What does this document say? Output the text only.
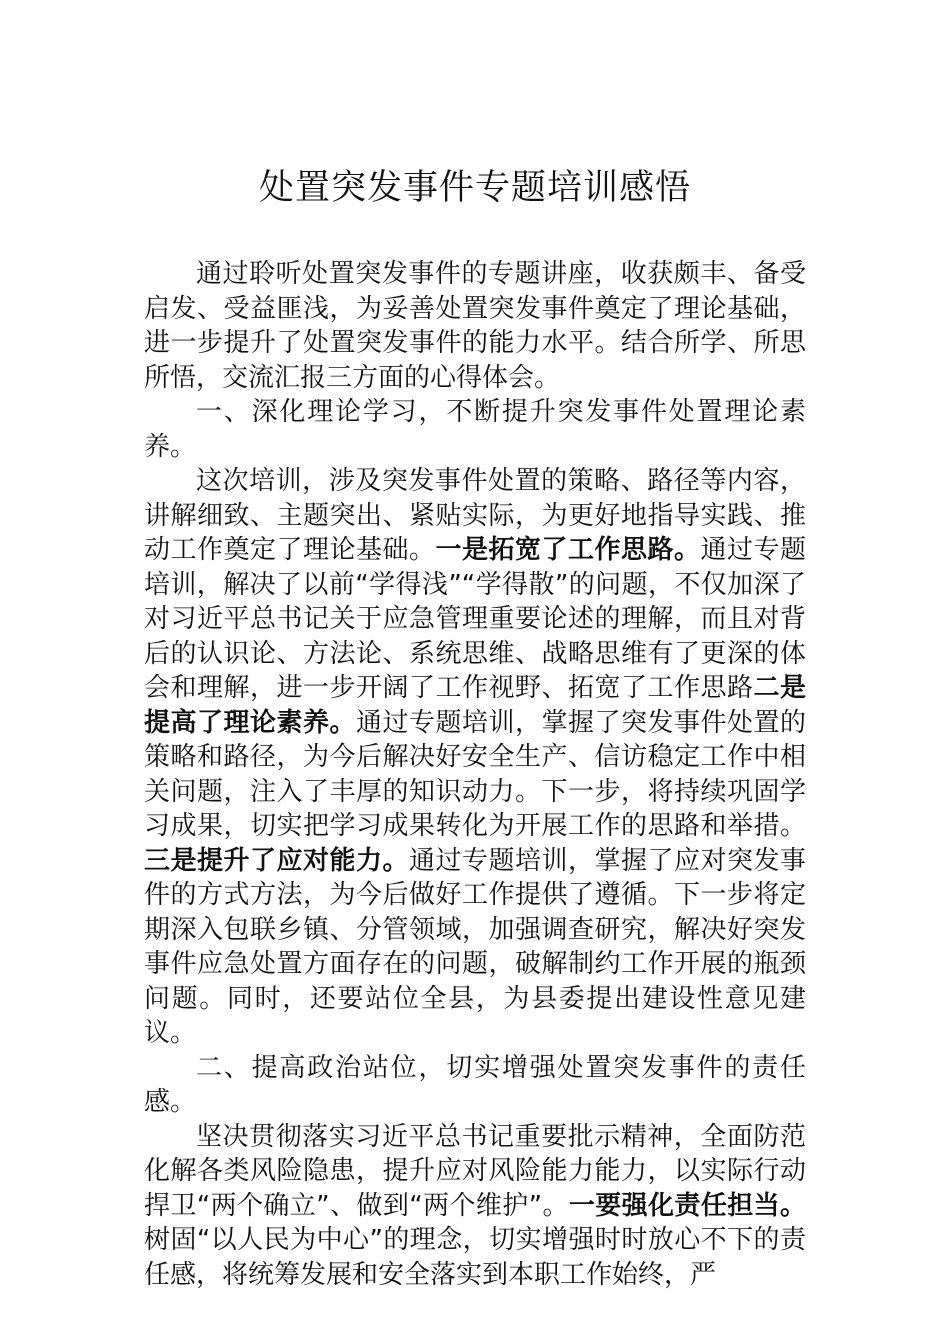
处置突发事件专题培训感悟

通过聆听处置突发事件的专题讲座，收获颇丰、备受启发、受益匪浅，为妥善处置突发事件奠定了理论基础，进一步提升了处置突发事件的能力水平。结合所学、所思所悟，交流汇报三方面的心得体会。

一、深化理论学习，不断提升突发事件处置理论素养。

这次培训，涉及突发事件处置的策略、路径等内容，讲解细致、主题突出、紧贴实际，为更好地指导实践、推动工作奠定了理论基础。一是拓宽了工作思路。通过专题培训，解决了以前“学得浅”“学得散”的问题，不仅加深了对习近平总书记关于应急管理重要论述的理解，而且对背后的认识论、方法论、系统思维、战略思维有了更深的体会和理解，进一步开阔了工作视野、拓宽了工作思路二是提高了理论素养。通过专题培训，掌握了突发事件处置的策略和路径，为今后解决好安全生产、信访稳定工作中相关问题，注入了丰厚的知识动力。下一步，将持续巩固学习成果，切实把学习成果转化为开展工作的思路和举措。三是提升了应对能力。通过专题培训，掌握了应对突发事件的方式方法，为今后做好工作提供了遵循。下一步将定期深入包联乡镇、分管领域，加强调查研究，解决好突发事件应急处置方面存在的问题，破解制约工作开展的瓶颈问题。同时，还要站位全县，为县委提出建设性意见建议。

二、提高政治站位，切实增强处置突发事件的责任感。

坚决贯彻落实习近平总书记重要批示精神，全面防范化解各类风险隐患，提升应对风险能力能力，以实际行动捍卫“两个确立”、做到“两个维护”。一要强化责任担当。树固“以人民为中心”的理念，切实增强时时放心不下的责任感，将统筹发展和安全落实到本职工作始终，严
